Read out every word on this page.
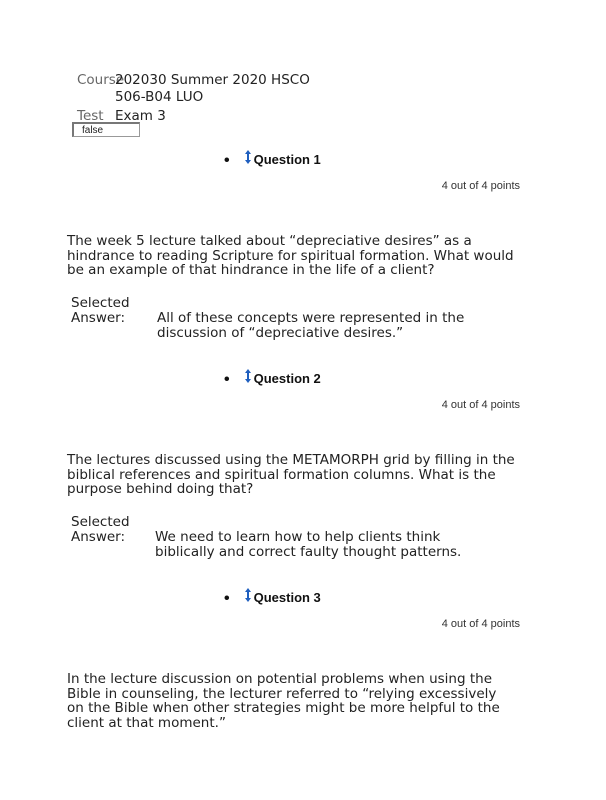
Course
202030 Summer 2020 HSCO 506-B04 LUO
Test Exam 3
false
• Question 1
4 out of 4 points
The week 5 lecture talked about “depreciative desires” as a hindrance to reading Scripture for spiritual formation. What would be an example of that hindrance in the life of a client?
Selected Answer:	All of these concepts were represented in the discussion of “depreciative desires.”
• Question 2
4 out of 4 points
The lectures discussed using the METAMORPH grid by filling in the biblical references and spiritual formation columns. What is the purpose behind doing that?
Selected Answer:	We need to learn how to help clients think biblically and correct faulty thought patterns.
• Question 3
4 out of 4 points
In the lecture discussion on potential problems when using the Bible in counseling, the lecturer referred to “relying excessively on the Bible when other strategies might be more helpful to the client at that moment.”
